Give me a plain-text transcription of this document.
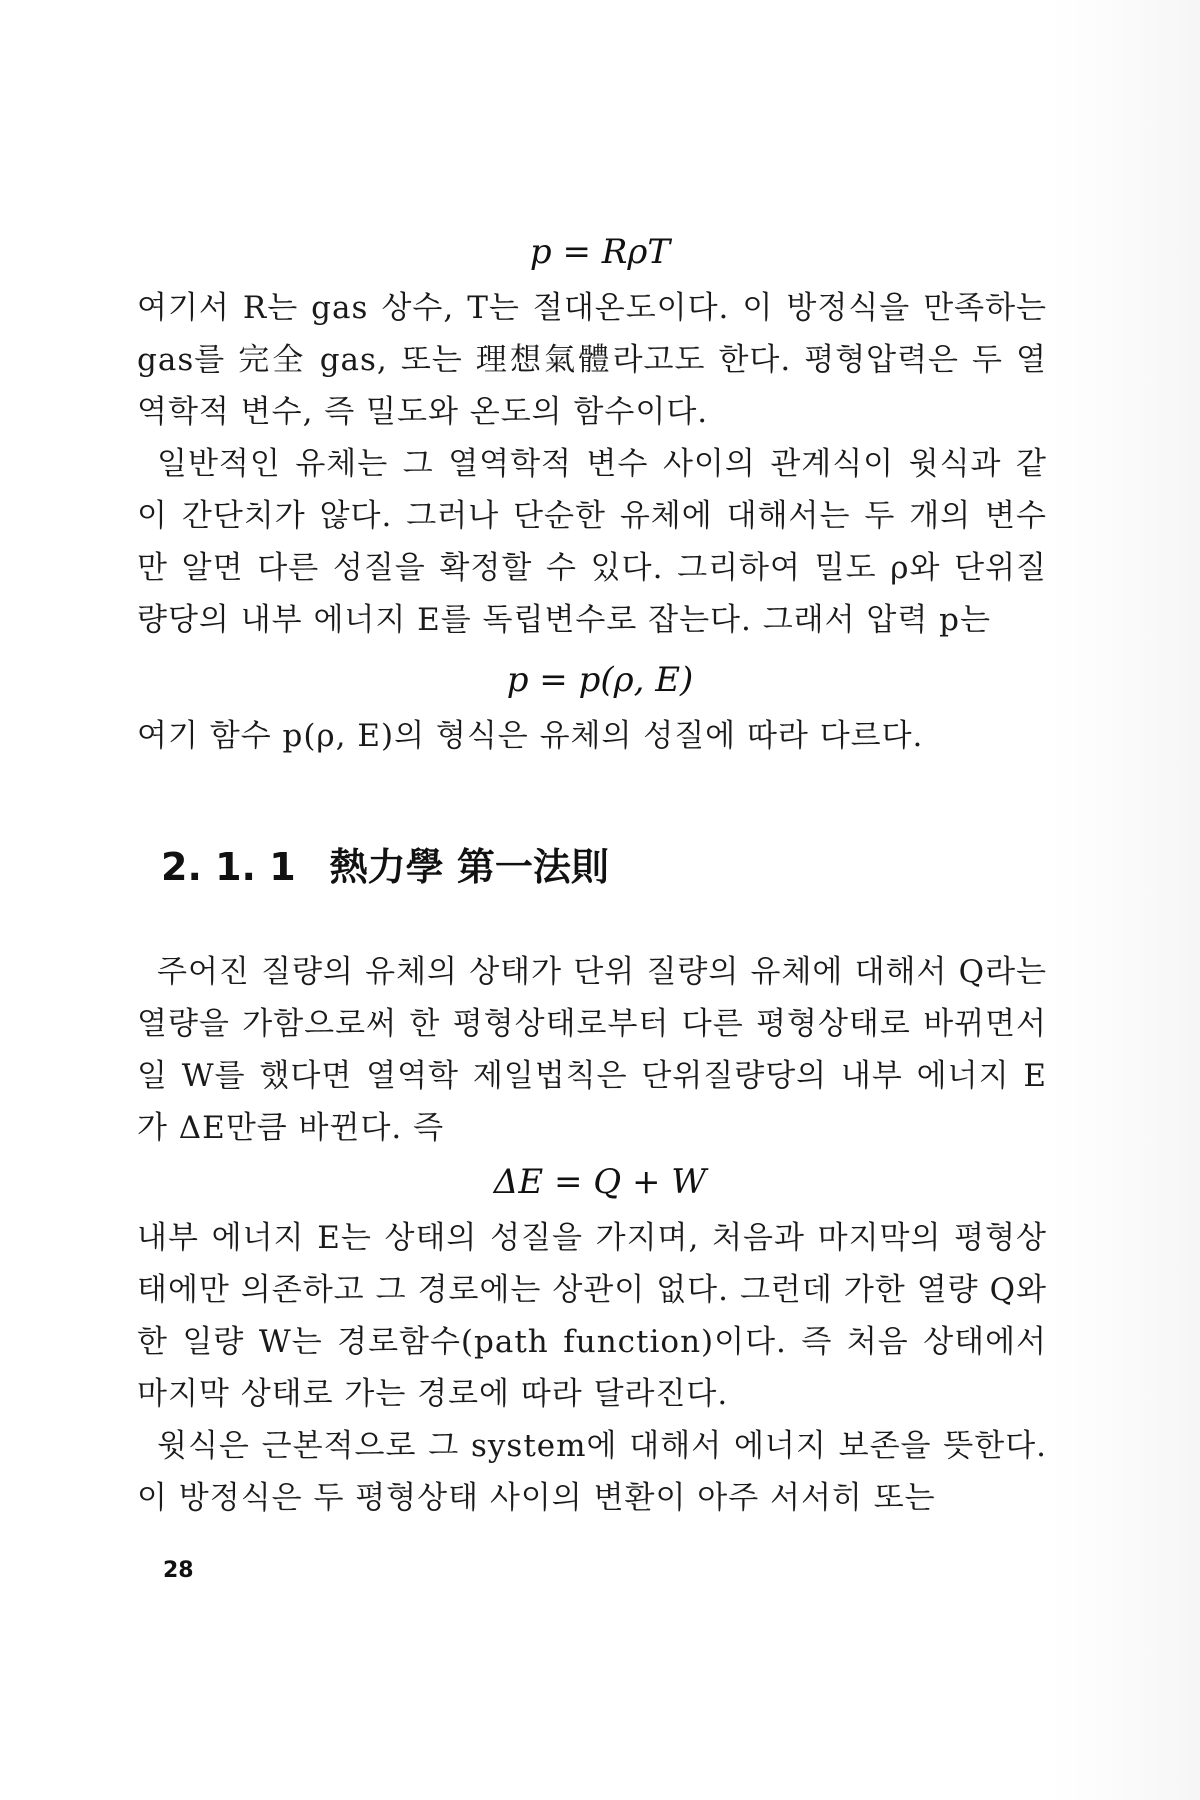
p = RρT

여기서 R는 gas 상수, T는 절대온도이다. 이 방정식을 만족하는 gas를 完全 gas, 또는 理想氣體라고도 한다. 평형압력은 두 열역학적 변수, 즉 밀도와 온도의 함수이다.

일반적인 유체는 그 열역학적 변수 사이의 관계식이 윗식과 같이 간단치가 않다. 그러나 단순한 유체에 대해서는 두 개의 변수만 알면 다른 성질을 확정할 수 있다. 그리하여 밀도 ρ와 단위질량당의 내부 에너지 E를 독립변수로 잡는다. 그래서 압력 p는

p = p(ρ, E)

여기 함수 p(ρ, E)의 형식은 유체의 성질에 따라 다르다.

2. 1. 1 熱力學 第一法則

주어진 질량의 유체의 상태가 단위 질량의 유체에 대해서 Q라는 열량을 가함으로써 한 평형상태로부터 다른 평형상태로 바뀌면서 일 W를 했다면 열역학 제일법칙은 단위질량당의 내부 에너지 E가 ΔE만큼 바뀐다. 즉

ΔE = Q + W

내부 에너지 E는 상태의 성질을 가지며, 처음과 마지막의 평형상태에만 의존하고 그 경로에는 상관이 없다. 그런데 가한 열량 Q와 한 일량 W는 경로함수(path function)이다. 즉 처음 상태에서 마지막 상태로 가는 경로에 따라 달라진다.

윗식은 근본적으로 그 system에 대해서 에너지 보존을 뜻한다. 이 방정식은 두 평형상태 사이의 변환이 아주 서서히 또는

28
